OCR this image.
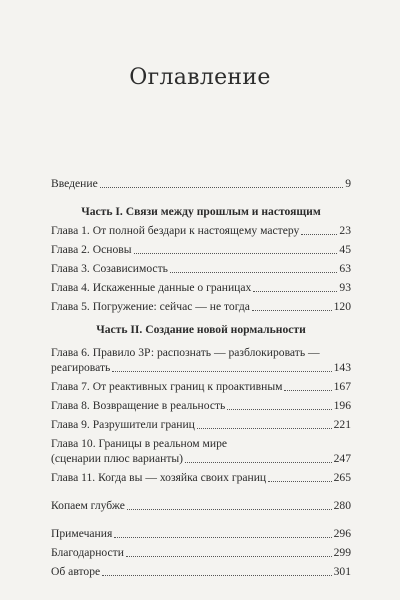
Оглавление
Введение	9
Часть I. Связи между прошлым и настоящим
Глава 1. От полной бездари к настоящему мастеру	23
Глава 2. Основы	45
Глава 3. Созависимость	63
Глава 4. Искаженные данные о границах	93
Глава 5. Погружение: сейчас — не тогда	120
Часть II. Создание новой нормальности
Глава 6. Правило 3Р: распознать — разблокировать —
реагировать	143
Глава 7. От реактивных границ к проактивным	167
Глава 8. Возвращение в реальность	196
Глава 9. Разрушители границ	221
Глава 10. Границы в реальном мире
(сценарии плюс варианты)	247
Глава 11. Когда вы — хозяйка своих границ	265
Копаем глубже	280
Примечания	296
Благодарности	299
Об авторе	301
